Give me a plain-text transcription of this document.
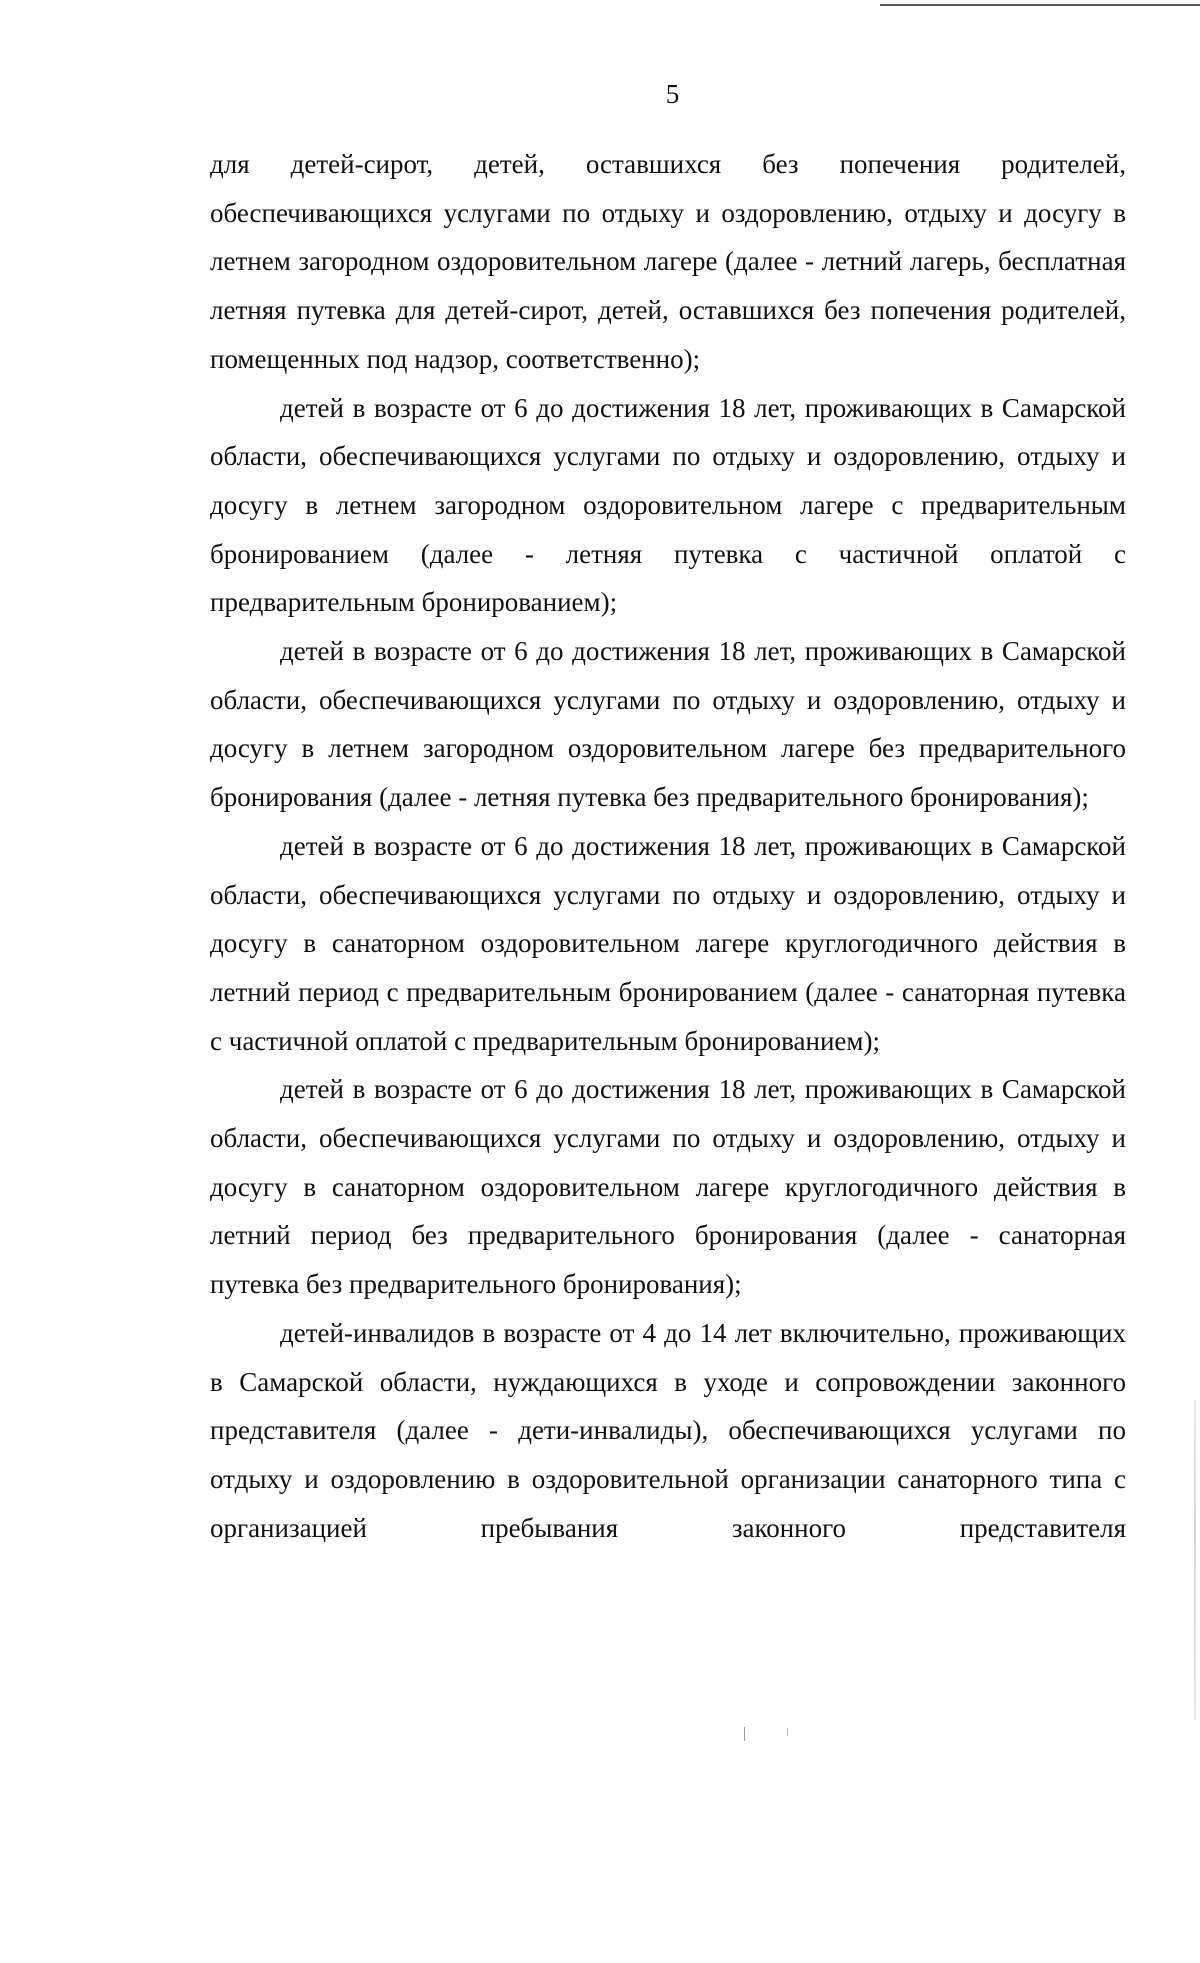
5

для детей-сирот, детей, оставшихся без попечения родителей, обеспечивающихся услугами по отдыху и оздоровлению, отдыху и досугу в летнем загородном оздоровительном лагере (далее - летний лагерь, бесплатная летняя путевка для детей-сирот, детей, оставшихся без попечения родителей, помещенных под надзор, соответственно);

детей в возрасте от 6 до достижения 18 лет, проживающих в Самарской области, обеспечивающихся услугами по отдыху и оздоровлению, отдыху и досугу в летнем загородном оздоровительном лагере с предварительным бронированием (далее - летняя путевка с частичной оплатой с предварительным бронированием);

детей в возрасте от 6 до достижения 18 лет, проживающих в Самарской области, обеспечивающихся услугами по отдыху и оздоровлению, отдыху и досугу в летнем загородном оздоровительном лагере без предварительного бронирования (далее - летняя путевка без предварительного бронирования);

детей в возрасте от 6 до достижения 18 лет, проживающих в Самарской области, обеспечивающихся услугами по отдыху и оздоровлению, отдыху и досугу в санаторном оздоровительном лагере круглогодичного действия в летний период с предварительным бронированием (далее - санаторная путевка с частичной оплатой с предварительным бронированием);

детей в возрасте от 6 до достижения 18 лет, проживающих в Самарской области, обеспечивающихся услугами по отдыху и оздоровлению, отдыху и досугу в санаторном оздоровительном лагере круглогодичного действия в летний период без предварительного бронирования (далее - санаторная путевка без предварительного бронирования);

детей-инвалидов в возрасте от 4 до 14 лет включительно, проживающих в Самарской области, нуждающихся в уходе и сопровождении законного представителя (далее - дети-инвалиды), обеспечивающихся услугами по отдыху и оздоровлению в оздоровительной организации санаторного типа с организацией пребывания законного представителя
